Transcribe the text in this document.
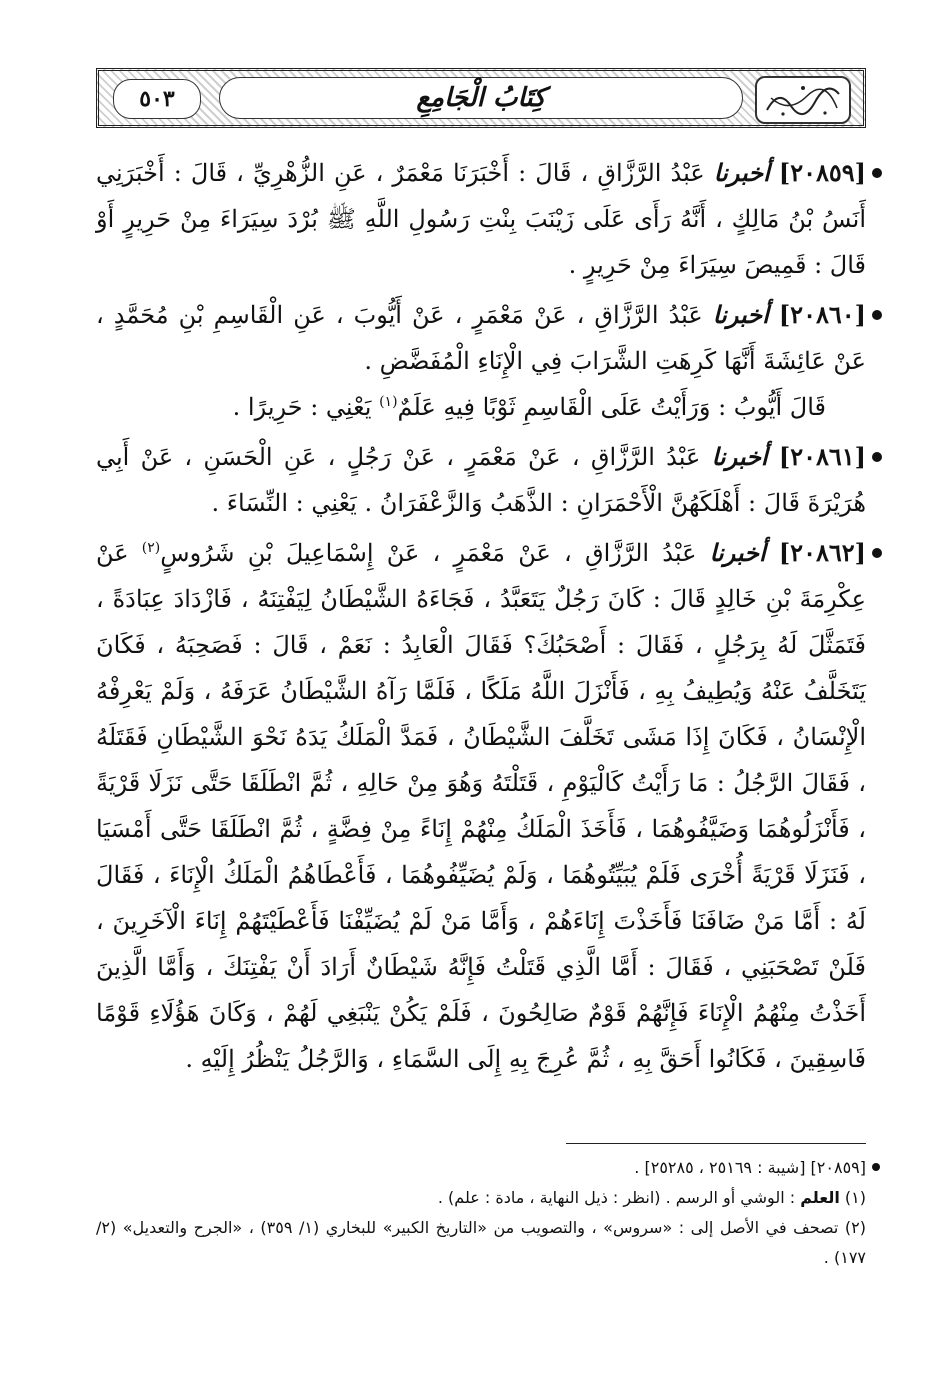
٥٠٣	كِتَابُ الْجَامِعِ
[٢٠٨٥٩] أخبرنا عَبْدُ الرَّزَّاقِ ، قَالَ : أَخْبَرَنَا مَعْمَرٌ ، عَنِ الزُّهْرِيِّ ، قَالَ : أَخْبَرَنِي أَنَسُ بْنُ مَالِكٍ ، أَنَّهُ رَأَى عَلَى زَيْنَبَ بِنْتِ رَسُولِ اللَّهِ ﷺ بُرْدَ سِيَرَاءَ مِنْ حَرِيرٍ أَوْ قَالَ : قَمِيصَ سِيَرَاءَ مِنْ حَرِيرٍ .
[٢٠٨٦٠] أخبرنا عَبْدُ الرَّزَّاقِ ، عَنْ مَعْمَرٍ ، عَنْ أَيُّوبَ ، عَنِ الْقَاسِمِ بْنِ مُحَمَّدٍ ، عَنْ عَائِشَةَ أَنَّهَا كَرِهَتِ الشَّرَابَ فِي الْإِنَاءِ الْمُفَضَّضِ .
قَالَ أَيُّوبُ : وَرَأَيْتُ عَلَى الْقَاسِمِ ثَوْبًا فِيهِ عَلَمٌ$^{(١)}$ يَعْنِي : حَرِيرًا .
[٢٠٨٦١] أخبرنا عَبْدُ الرَّزَّاقِ ، عَنْ مَعْمَرٍ ، عَنْ رَجُلٍ ، عَنِ الْحَسَنِ ، عَنْ أَبِي هُرَيْرَةَ قَالَ : أَهْلَكَهُنَّ الْأَحْمَرَانِ : الذَّهَبُ وَالزَّعْفَرَانُ . يَعْنِي : النِّسَاءَ .
[٢٠٨٦٢] أخبرنا عَبْدُ الرَّزَّاقِ ، عَنْ مَعْمَرٍ ، عَنْ إِسْمَاعِيلَ بْنِ شَرُوسٍ$^{(٢)}$ عَنْ عِكْرِمَةَ بْنِ خَالِدٍ قَالَ : كَانَ رَجُلٌ يَتَعَبَّدُ ، فَجَاءَهُ الشَّيْطَانُ لِيَفْتِنَهُ ، فَازْدَادَ عِبَادَةً ، فَتَمَثَّلَ لَهُ بِرَجُلٍ ، فَقَالَ : أَصْحَبُكَ؟ فَقَالَ الْعَابِدُ : نَعَمْ ، قَالَ : فَصَحِبَهُ ، فَكَانَ يَتَخَلَّفُ عَنْهُ وَيُطِيفُ بِهِ ، فَأَنْزَلَ اللَّهُ مَلَكًا ، فَلَمَّا رَآهُ الشَّيْطَانُ عَرَفَهُ ، وَلَمْ يَعْرِفْهُ الْإِنْسَانُ ، فَكَانَ إِذَا مَشَى تَخَلَّفَ الشَّيْطَانُ ، فَمَدَّ الْمَلَكُ يَدَهُ نَحْوَ الشَّيْطَانِ فَقَتَلَهُ ، فَقَالَ الرَّجُلُ : مَا رَأَيْتُ كَالْيَوْمِ ، قَتَلْتَهُ وَهُوَ مِنْ حَالِهِ ، ثُمَّ انْطَلَقَا حَتَّى نَزَلَا قَرْيَةً ، فَأَنْزَلُوهُمَا وَضَيَّفُوهُمَا ، فَأَخَذَ الْمَلَكُ مِنْهُمْ إِنَاءً مِنْ فِضَّةٍ ، ثُمَّ انْطَلَقَا حَتَّى أَمْسَيَا ، فَنَزَلَا قَرْيَةً أُخْرَى فَلَمْ يُبَيِّتُوهُمَا ، وَلَمْ يُضَيِّفُوهُمَا ، فَأَعْطَاهُمُ الْمَلَكُ الْإِنَاءَ ، فَقَالَ لَهُ : أَمَّا مَنْ ضَافَنَا فَأَخَذْتَ إِنَاءَهُمْ ، وَأَمَّا مَنْ لَمْ يُضَيِّفْنَا فَأَعْطَيْتَهُمْ إِنَاءَ الْآخَرِينَ ، فَلَنْ تَصْحَبَنِي ، فَقَالَ : أَمَّا الَّذِي قَتَلْتُ فَإِنَّهُ شَيْطَانٌ أَرَادَ أَنْ يَفْتِنَكَ ، وَأَمَّا الَّذِينَ أَخَذْتُ مِنْهُمُ الْإِنَاءَ فَإِنَّهُمْ قَوْمٌ صَالِحُونَ ، فَلَمْ يَكُنْ يَنْبَغِي لَهُمْ ، وَكَانَ هَؤُلَاءِ قَوْمًا فَاسِقِينَ ، فَكَانُوا أَحَقَّ بِهِ ، ثُمَّ عُرِجَ بِهِ إِلَى السَّمَاءِ ، وَالرَّجُلُ يَنْظُرُ إِلَيْهِ .
[٢٠٨٥٩] [شيبة : ٢٥١٦٩ ، ٢٥٢٨٥] .
(١) العلم : الوشي أو الرسم . (انظر : ذيل النهاية ، مادة : علم) .
(٢) تصحف في الأصل إلى : «سروس» ، والتصويب من «التاريخ الكبير» للبخاري (١/ ٣٥٩) ، «الجرح والتعديل» (٢/ ١٧٧) .
